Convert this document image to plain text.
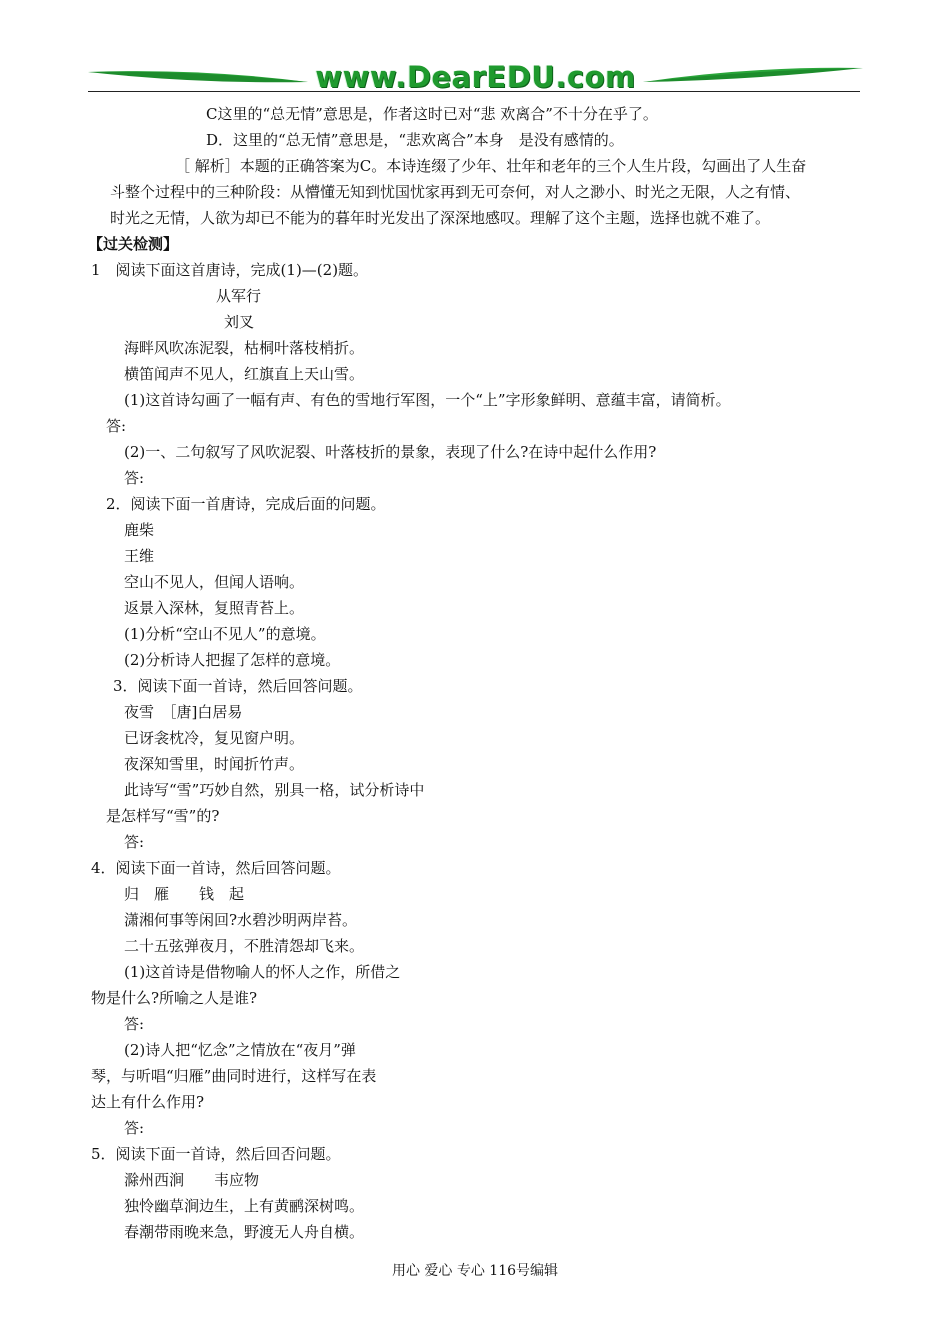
www.DearEDU.com
C这里的“总无情”意思是，作者这时已对“悲 欢离合”不十分在乎了。
D．这里的“总无情”意思是，“悲欢离合”本身　是没有感情的。
［ 解析］本题的正确答案为C。本诗连缀了少年、壮年和老年的三个人生片段，勾画出了人生奋
斗整个过程中的三种阶段：从懵懂无知到忧国忧家再到无可奈何，对人之渺小、时光之无限，人之有情、
时光之无情，人欲为却已不能为的暮年时光发出了深深地感叹。理解了这个主题，选择也就不难了。
【过关检测】
1　阅读下面这首唐诗，完成(1)—(2)题。
从军行
刘叉
海畔风吹冻泥裂，枯桐叶落枝梢折。
横笛闻声不见人，红旗直上天山雪。
(1)这首诗勾画了一幅有声、有色的雪地行军图，一个“上”字形象鲜明、意蕴丰富，请简析。
答:
(2)一、二句叙写了风吹泥裂、叶落枝折的景象，表现了什么?在诗中起什么作用?
答:
2．阅读下面一首唐诗，完成后面的问题。
鹿柴
王维
空山不见人，但闻人语响。
返景入深林，复照青苔上。
(1)分析“空山不见人”的意境。
(2)分析诗人把握了怎样的意境。
3．阅读下面一首诗，然后回答问题。
夜雪　［唐]白居易
已讶衾枕冷，复见窗户明。
夜深知雪里，时闻折竹声。
此诗写“雪”巧妙自然，别具一格，试分析诗中
是怎样写“雪”的?
答:
4．阅读下面一首诗，然后回答问题。
归　雁　　钱　起
潇湘何事等闲回?水碧沙明两岸苔。
二十五弦弹夜月，不胜清怨却飞来。
(1)这首诗是借物喻人的怀人之作，所借之
物是什么?所喻之人是谁?
答:
(2)诗人把“忆念”之情放在“夜月”弹
琴，与听唱“归雁”曲同时进行，这样写在表
达上有什么作用?
答:
5．阅读下面一首诗，然后回否问题。
滁州西涧　　韦应物
独怜幽草涧边生，上有黄鹂深树鸣。
春潮带雨晚来急，野渡无人舟自横。
用心 爱心 专心 116号编辑
